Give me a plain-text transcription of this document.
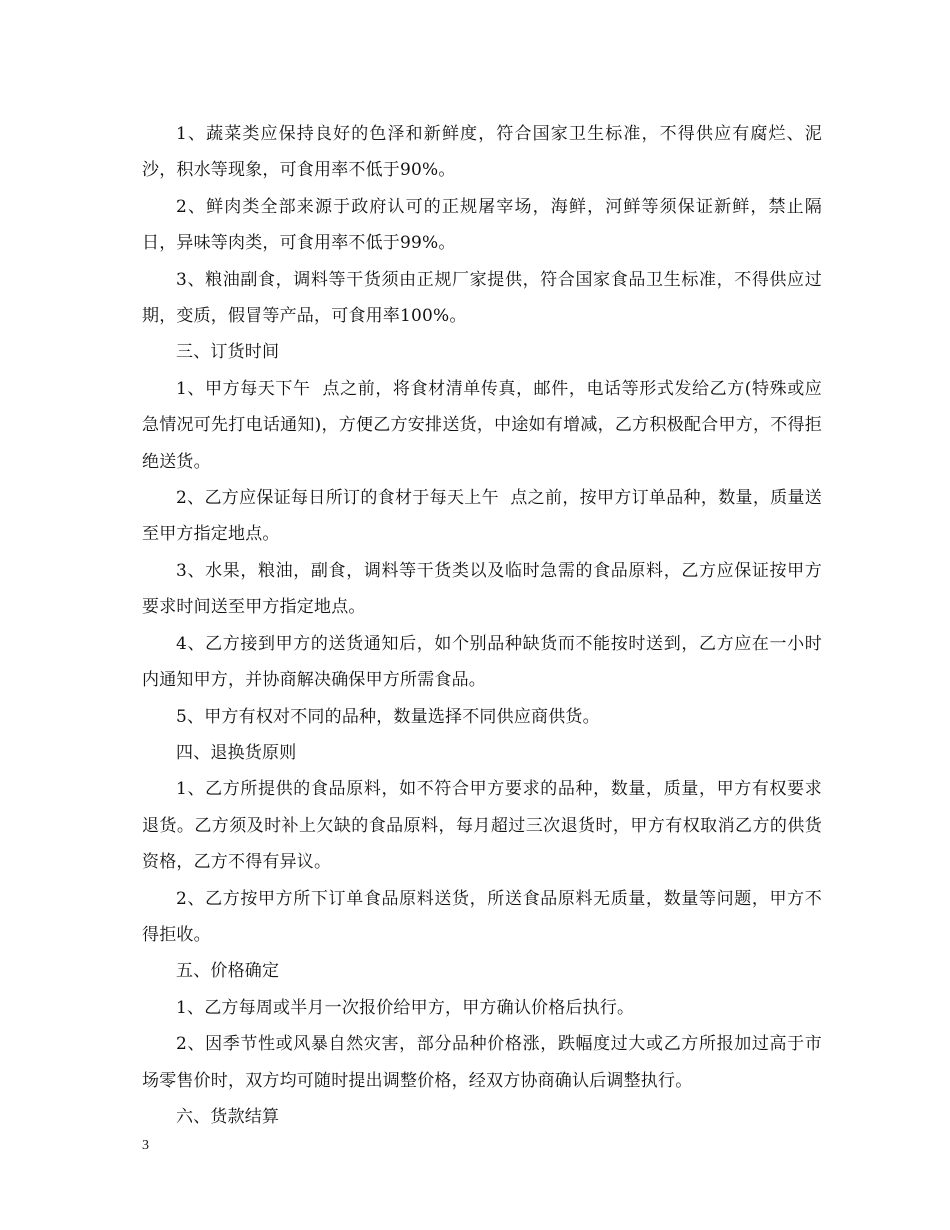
1、蔬菜类应保持良好的色泽和新鲜度，符合国家卫生标准，不得供应有腐烂、泥沙，积水等现象，可食用率不低于90%。

2、鲜肉类全部来源于政府认可的正规屠宰场，海鲜，河鲜等须保证新鲜，禁止隔日，异味等肉类，可食用率不低于99%。

3、粮油副食，调料等干货须由正规厂家提供，符合国家食品卫生标准，不得供应过期，变质，假冒等产品，可食用率100%。

三、订货时间

1、甲方每天下午  点之前，将食材清单传真，邮件，电话等形式发给乙方(特殊或应急情况可先打电话通知)，方便乙方安排送货，中途如有增减，乙方积极配合甲方，不得拒绝送货。

2、乙方应保证每日所订的食材于每天上午  点之前，按甲方订单品种，数量，质量送至甲方指定地点。

3、水果，粮油，副食，调料等干货类以及临时急需的食品原料，乙方应保证按甲方要求时间送至甲方指定地点。

4、乙方接到甲方的送货通知后，如个别品种缺货而不能按时送到，乙方应在一小时内通知甲方，并协商解决确保甲方所需食品。

5、甲方有权对不同的品种，数量选择不同供应商供货。

四、退换货原则

1、乙方所提供的食品原料，如不符合甲方要求的品种，数量，质量，甲方有权要求退货。乙方须及时补上欠缺的食品原料，每月超过三次退货时，甲方有权取消乙方的供货资格，乙方不得有异议。

2、乙方按甲方所下订单食品原料送货，所送食品原料无质量，数量等问题，甲方不得拒收。

五、价格确定

1、乙方每周或半月一次报价给甲方，甲方确认价格后执行。

2、因季节性或风暴自然灾害，部分品种价格涨，跌幅度过大或乙方所报加过高于市场零售价时，双方均可随时提出调整价格，经双方协商确认后调整执行。

六、货款结算

3
